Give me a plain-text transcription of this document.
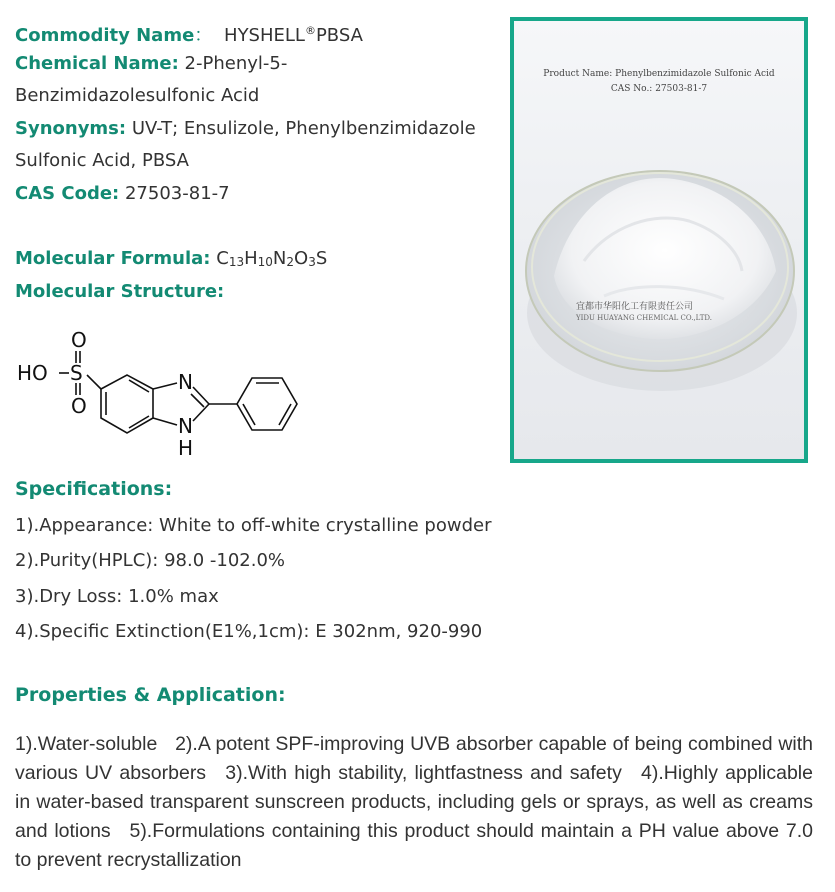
Commodity Name： HYSHELL®PBSA
Chemical Name: 2-Phenyl-5-
Benzimidazolesulfonic Acid
Synonyms: UV-T; Ensulizole, Phenylbenzimidazole
Sulfonic Acid, PBSA
CAS Code: 27503-81-7
Molecular Formula: C13H10N2O3S
Molecular Structure:
HO S
O
O
N
N
H
Product Name: Phenylbenzimidazole Sulfonic Acid
CAS No.: 27503-81-7
宜都市华阳化工有限责任公司
YIDU HUAYANG CHEMICAL CO.,LTD.
Specifications:
1).Appearance: White to off-white crystalline powder
2).Purity(HPLC): 98.0 -102.0%
3).Dry Loss: 1.0% max
4).Specific Extinction(E1%,1cm): E 302nm, 920-990
Properties & Application:
1).Water-soluble 2).A potent SPF-improving UVB absorber capable of being combined with various UV absorbers 3).With high stability, lightfastness and safety 4).Highly applicable in water-based transparent sunscreen products, including gels or sprays, as well as creams and lotions 5).Formulations containing this product should maintain a PH value above 7.0 to prevent recrystallization
